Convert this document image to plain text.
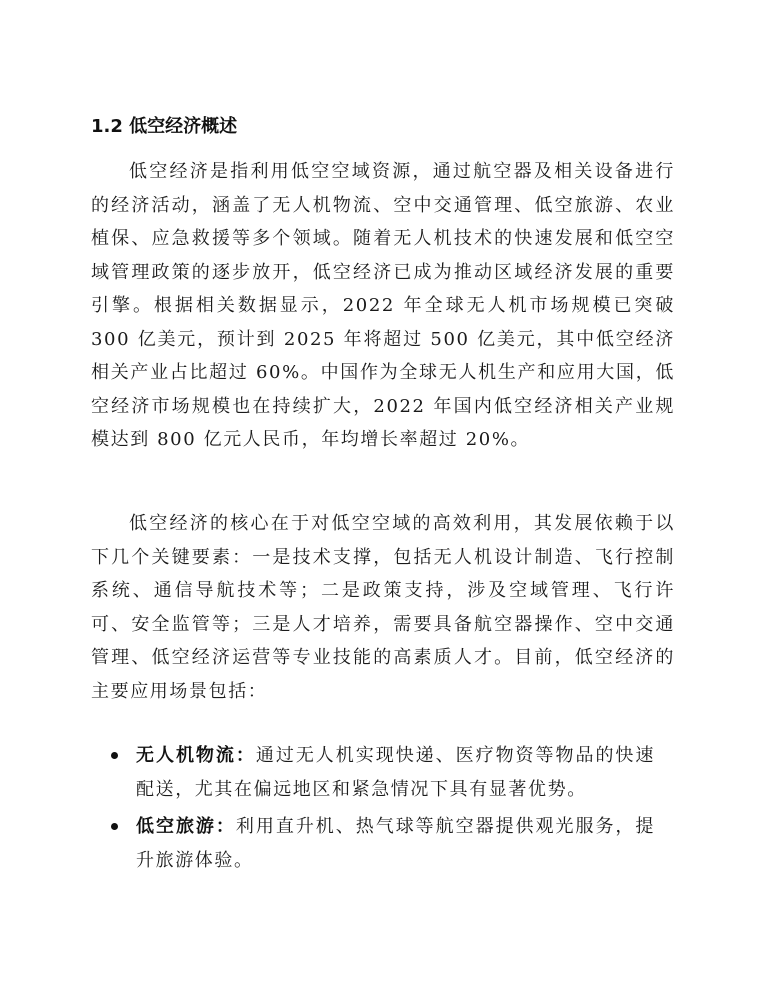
1.2 低空经济概述

低空经济是指利用低空空域资源，通过航空器及相关设备进行的经济活动，涵盖了无人机物流、空中交通管理、低空旅游、农业植保、应急救援等多个领域。随着无人机技术的快速发展和低空空域管理政策的逐步放开，低空经济已成为推动区域经济发展的重要引擎。根据相关数据显示，2022 年全球无人机市场规模已突破 300 亿美元，预计到 2025 年将超过 500 亿美元，其中低空经济相关产业占比超过 60%。中国作为全球无人机生产和应用大国，低空经济市场规模也在持续扩大，2022 年国内低空经济相关产业规模达到 800 亿元人民币，年均增长率超过 20%。

低空经济的核心在于对低空空域的高效利用，其发展依赖于以下几个关键要素：一是技术支撑，包括无人机设计制造、飞行控制系统、通信导航技术等；二是政策支持，涉及空域管理、飞行许可、安全监管等；三是人才培养，需要具备航空器操作、空中交通管理、低空经济运营等专业技能的高素质人才。目前，低空经济的主要应用场景包括：

无人机物流：通过无人机实现快递、医疗物资等物品的快速配送，尤其在偏远地区和紧急情况下具有显著优势。
低空旅游：利用直升机、热气球等航空器提供观光服务，提升旅游体验。
